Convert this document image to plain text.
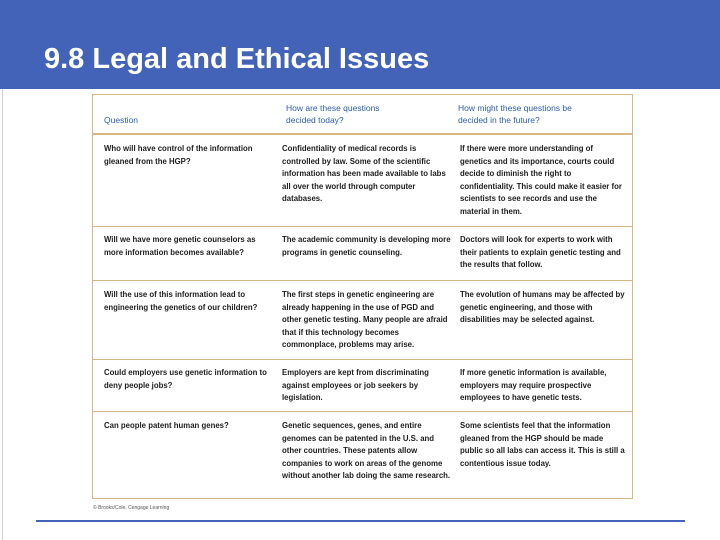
9.8 Legal and Ethical Issues
Question
How are these questions decided today?
How might these questions be decided in the future?
Who will have control of the information gleaned from the HGP?
Confidentiality of medical records is controlled by law. Some of the scientific information has been made available to labs all over the world through computer databases.
If there were more understanding of genetics and its importance, courts could decide to diminish the right to confidentiality. This could make it easier for scientists to see records and use the material in them.
Will we have more genetic counselors as more information becomes available?
The academic community is developing more programs in genetic counseling.
Doctors will look for experts to work with their patients to explain genetic testing and the results that follow.
Will the use of this information lead to engineering the genetics of our children?
The first steps in genetic engineering are already happening in the use of PGD and other genetic testing. Many people are afraid that if this technology becomes commonplace, problems may arise.
The evolution of humans may be affected by genetic engineering, and those with disabilities may be selected against.
Could employers use genetic information to deny people jobs?
Employers are kept from discriminating against employees or job seekers by legislation.
If more genetic information is available, employers may require prospective employees to have genetic tests.
Can people patent human genes?	Genetic sequences, genes, and entire genomes can be patented in the U.S. and other countries. These patents allow companies to work on areas of the genome without another lab doing the same research.
Some scientists feel that the information gleaned from the HGP should be made public so all labs can access it. This is still a contentious issue today.
© Brooks/Cole, Cengage Learning
